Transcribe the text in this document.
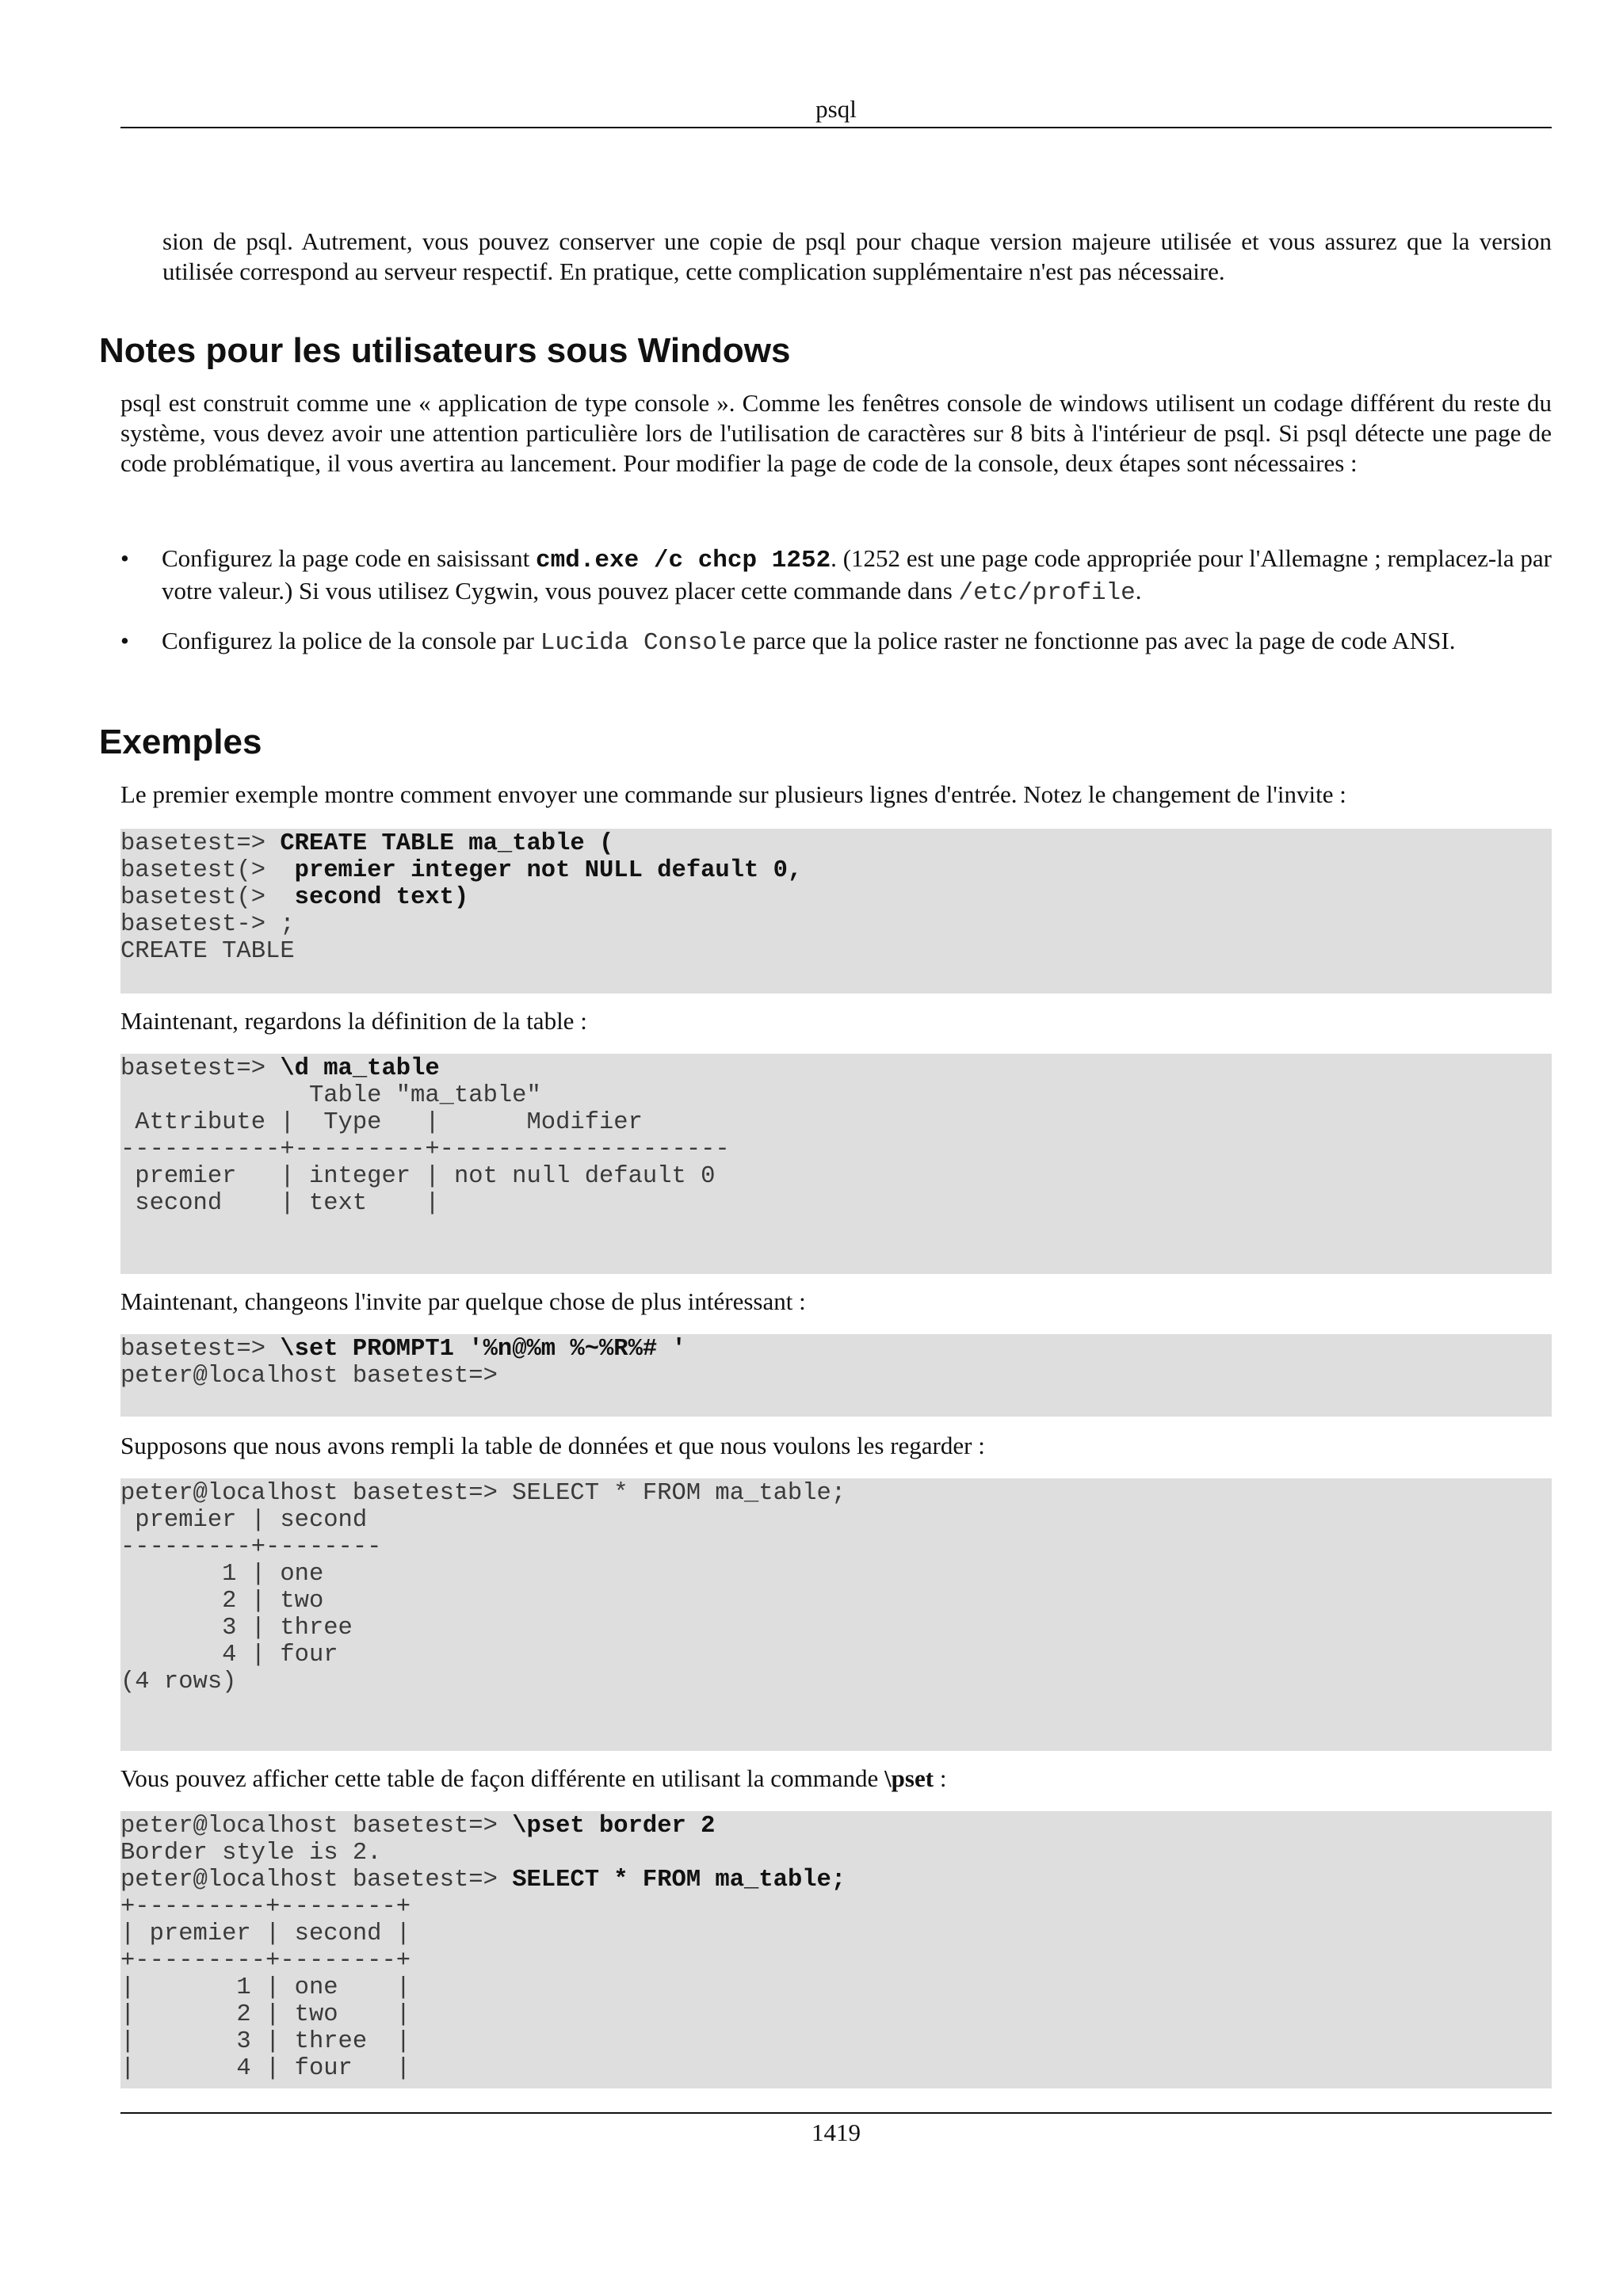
psql

sion de psql. Autrement, vous pouvez conserver une copie de psql pour chaque version majeure utilisée et vous assurez que la version utilisée correspond au serveur respectif. En pratique, cette complication supplémentaire n'est pas nécessaire.

Notes pour les utilisateurs sous Windows

psql est construit comme une « application de type console ». Comme les fenêtres console de windows utilisent un codage différent du reste du système, vous devez avoir une attention particulière lors de l'utilisation de caractères sur 8 bits à l'intérieur de psql. Si psql détecte une page de code problématique, il vous avertira au lancement. Pour modifier la page de code de la console, deux étapes sont nécessaires :

• Configurez la page code en saisissant cmd.exe /c chcp 1252. (1252 est une page code appropriée pour l'Allemagne ; remplacez-la par votre valeur.) Si vous utilisez Cygwin, vous pouvez placer cette commande dans /etc/profile.
• Configurez la police de la console par Lucida Console parce que la police raster ne fonctionne pas avec la page de code ANSI.
Exemples

Le premier exemple montre comment envoyer une commande sur plusieurs lignes d'entrée. Notez le changement de l'invite :

basetest=> CREATE TABLE ma_table (
basetest(>  premier integer not NULL default 0,
basetest(>  second text)
basetest-> ;
CREATE TABLE

Maintenant, regardons la définition de la table :

basetest=> \d ma_table
Table "ma_table"
Attribute |  Type   |      Modifier
-----------+---------+--------------------
premier   | integer | not null default 0
second    | text    |

Maintenant, changeons l'invite par quelque chose de plus intéressant :

basetest=> \set PROMPT1 '%n@%m %~%R%# '
peter@localhost basetest=>

Supposons que nous avons rempli la table de données et que nous voulons les regarder :

peter@localhost basetest=> SELECT * FROM ma_table;
premier | second
---------+--------
1 | one
2 | two
3 | three
4 | four
(4 rows)

Vous pouvez afficher cette table de façon différente en utilisant la commande \pset :

peter@localhost basetest=> \pset border 2
Border style is 2.
peter@localhost basetest=> SELECT * FROM ma_table;
+---------+--------+
| premier | second |
+---------+--------+
|       1 | one    |
|       2 | two    |
|       3 | three  |
|       4 | four   |
1419
